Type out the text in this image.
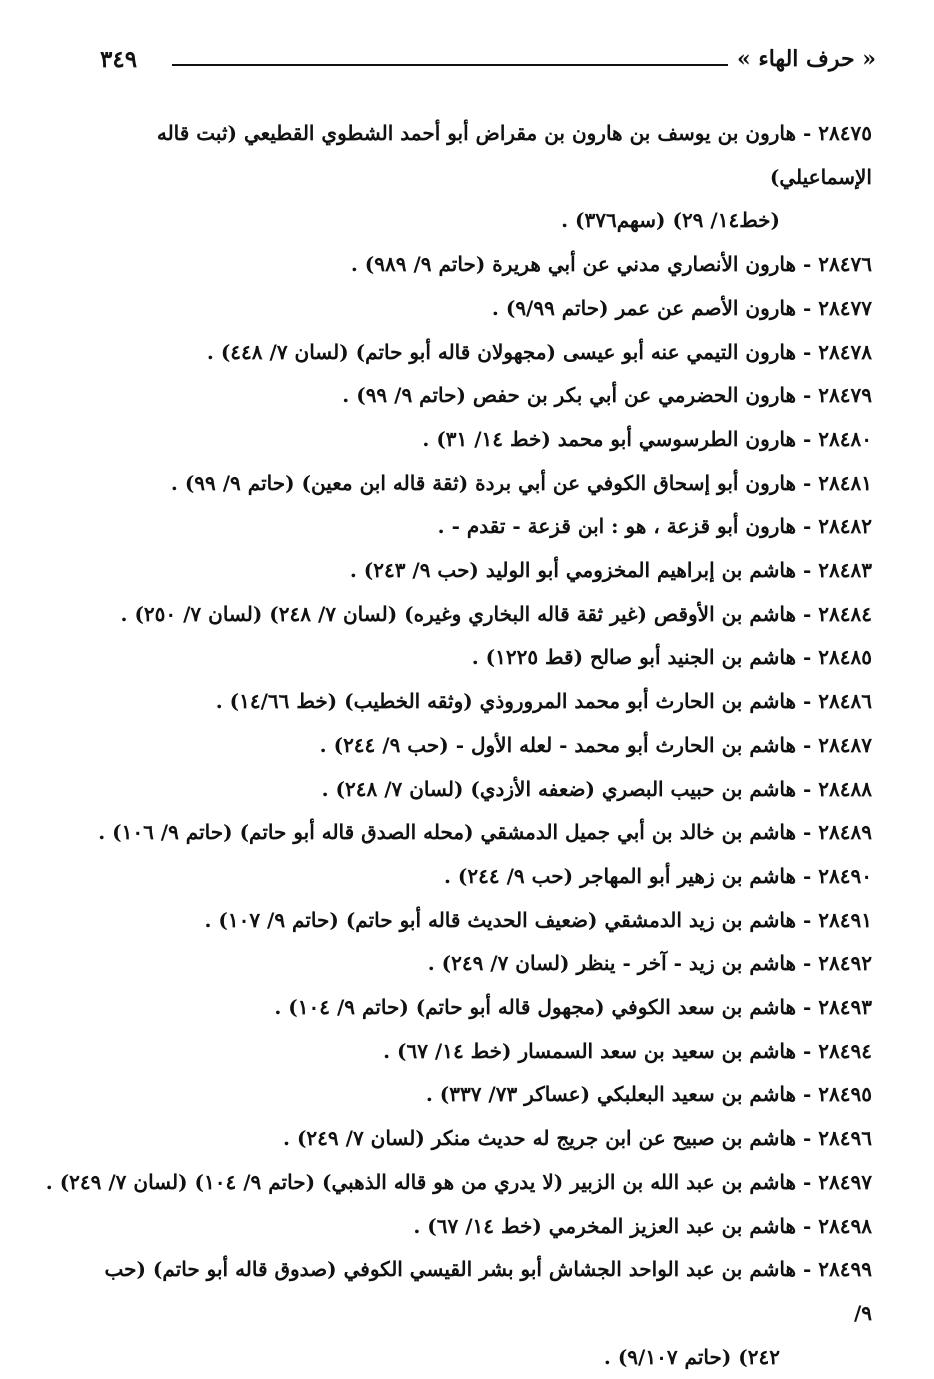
« حرف الهاء »
٣٤٩
٢٨٤٧٥ - هارون بن يوسف بن هارون بن مقراض أبو أحمد الشطوي القطيعي (ثبت قاله الإسماعيلي)
(خط١٤/ ٢٩) (سهم٣٧٦) .
٢٨٤٧٦ - هارون الأنصاري مدني عن أبي هريرة (حاتم ٩/ ٩٨٩) .
٢٨٤٧٧ - هارون الأصم عن عمر (حاتم ٩/٩٩) .
٢٨٤٧٨ - هارون التيمي عنه أبو عيسى (مجهولان قاله أبو حاتم) (لسان ٧/ ٤٤٨) .
٢٨٤٧٩ - هارون الحضرمي عن أبي بكر بن حفص (حاتم ٩/ ٩٩) .
٢٨٤٨٠ - هارون الطرسوسي أبو محمد (خط ١٤/ ٣١) .
٢٨٤٨١ - هارون أبو إسحاق الكوفي عن أبي بردة (ثقة قاله ابن معين) (حاتم ٩/ ٩٩) .
٢٨٤٨٢ - هارون أبو قزعة ، هو : ابن قزعة - تقدم - .
٢٨٤٨٣ - هاشم بن إبراهيم المخزومي أبو الوليد (حب ٩/ ٢٤٣) .
٢٨٤٨٤ - هاشم بن الأوقص (غير ثقة قاله البخاري وغيره) (لسان ٧/ ٢٤٨) (لسان ٧/ ٢٥٠) .
٢٨٤٨٥ - هاشم بن الجنيد أبو صالح (قط ١٢٢٥) .
٢٨٤٨٦ - هاشم بن الحارث أبو محمد المروروذي (وثقه الخطيب) (خط ١٤/٦٦) .
٢٨٤٨٧ - هاشم بن الحارث أبو محمد - لعله الأول - (حب ٩/ ٢٤٤) .
٢٨٤٨٨ - هاشم بن حبيب البصري (ضعفه الأزدي) (لسان ٧/ ٢٤٨) .
٢٨٤٨٩ - هاشم بن خالد بن أبي جميل الدمشقي (محله الصدق قاله أبو حاتم) (حاتم ٩/ ١٠٦) .
٢٨٤٩٠ - هاشم بن زهير أبو المهاجر (حب ٩/ ٢٤٤) .
٢٨٤٩١ - هاشم بن زيد الدمشقي (ضعيف الحديث قاله أبو حاتم) (حاتم ٩/ ١٠٧) .
٢٨٤٩٢ - هاشم بن زيد - آخر - ينظر (لسان ٧/ ٢٤٩) .
٢٨٤٩٣ - هاشم بن سعد الكوفي (مجهول قاله أبو حاتم) (حاتم ٩/ ١٠٤) .
٢٨٤٩٤ - هاشم بن سعيد بن سعد السمسار (خط ١٤/ ٦٧) .
٢٨٤٩٥ - هاشم بن سعيد البعلبكي (عساكر ٧٣/ ٣٣٧) .
٢٨٤٩٦ - هاشم بن صبيح عن ابن جريج له حديث منكر (لسان ٧/ ٢٤٩) .
٢٨٤٩٧ - هاشم بن عبد الله بن الزبير (لا يدري من هو قاله الذهبي) (حاتم ٩/ ١٠٤) (لسان ٧/ ٢٤٩) .
٢٨٤٩٨ - هاشم بن عبد العزيز المخرمي (خط ١٤/ ٦٧) .
٢٨٤٩٩ - هاشم بن عبد الواحد الجشاش أبو بشر القيسي الكوفي (صدوق قاله أبو حاتم) (حب ٩/
٢٤٢) (حاتم ٩/١٠٧) .
